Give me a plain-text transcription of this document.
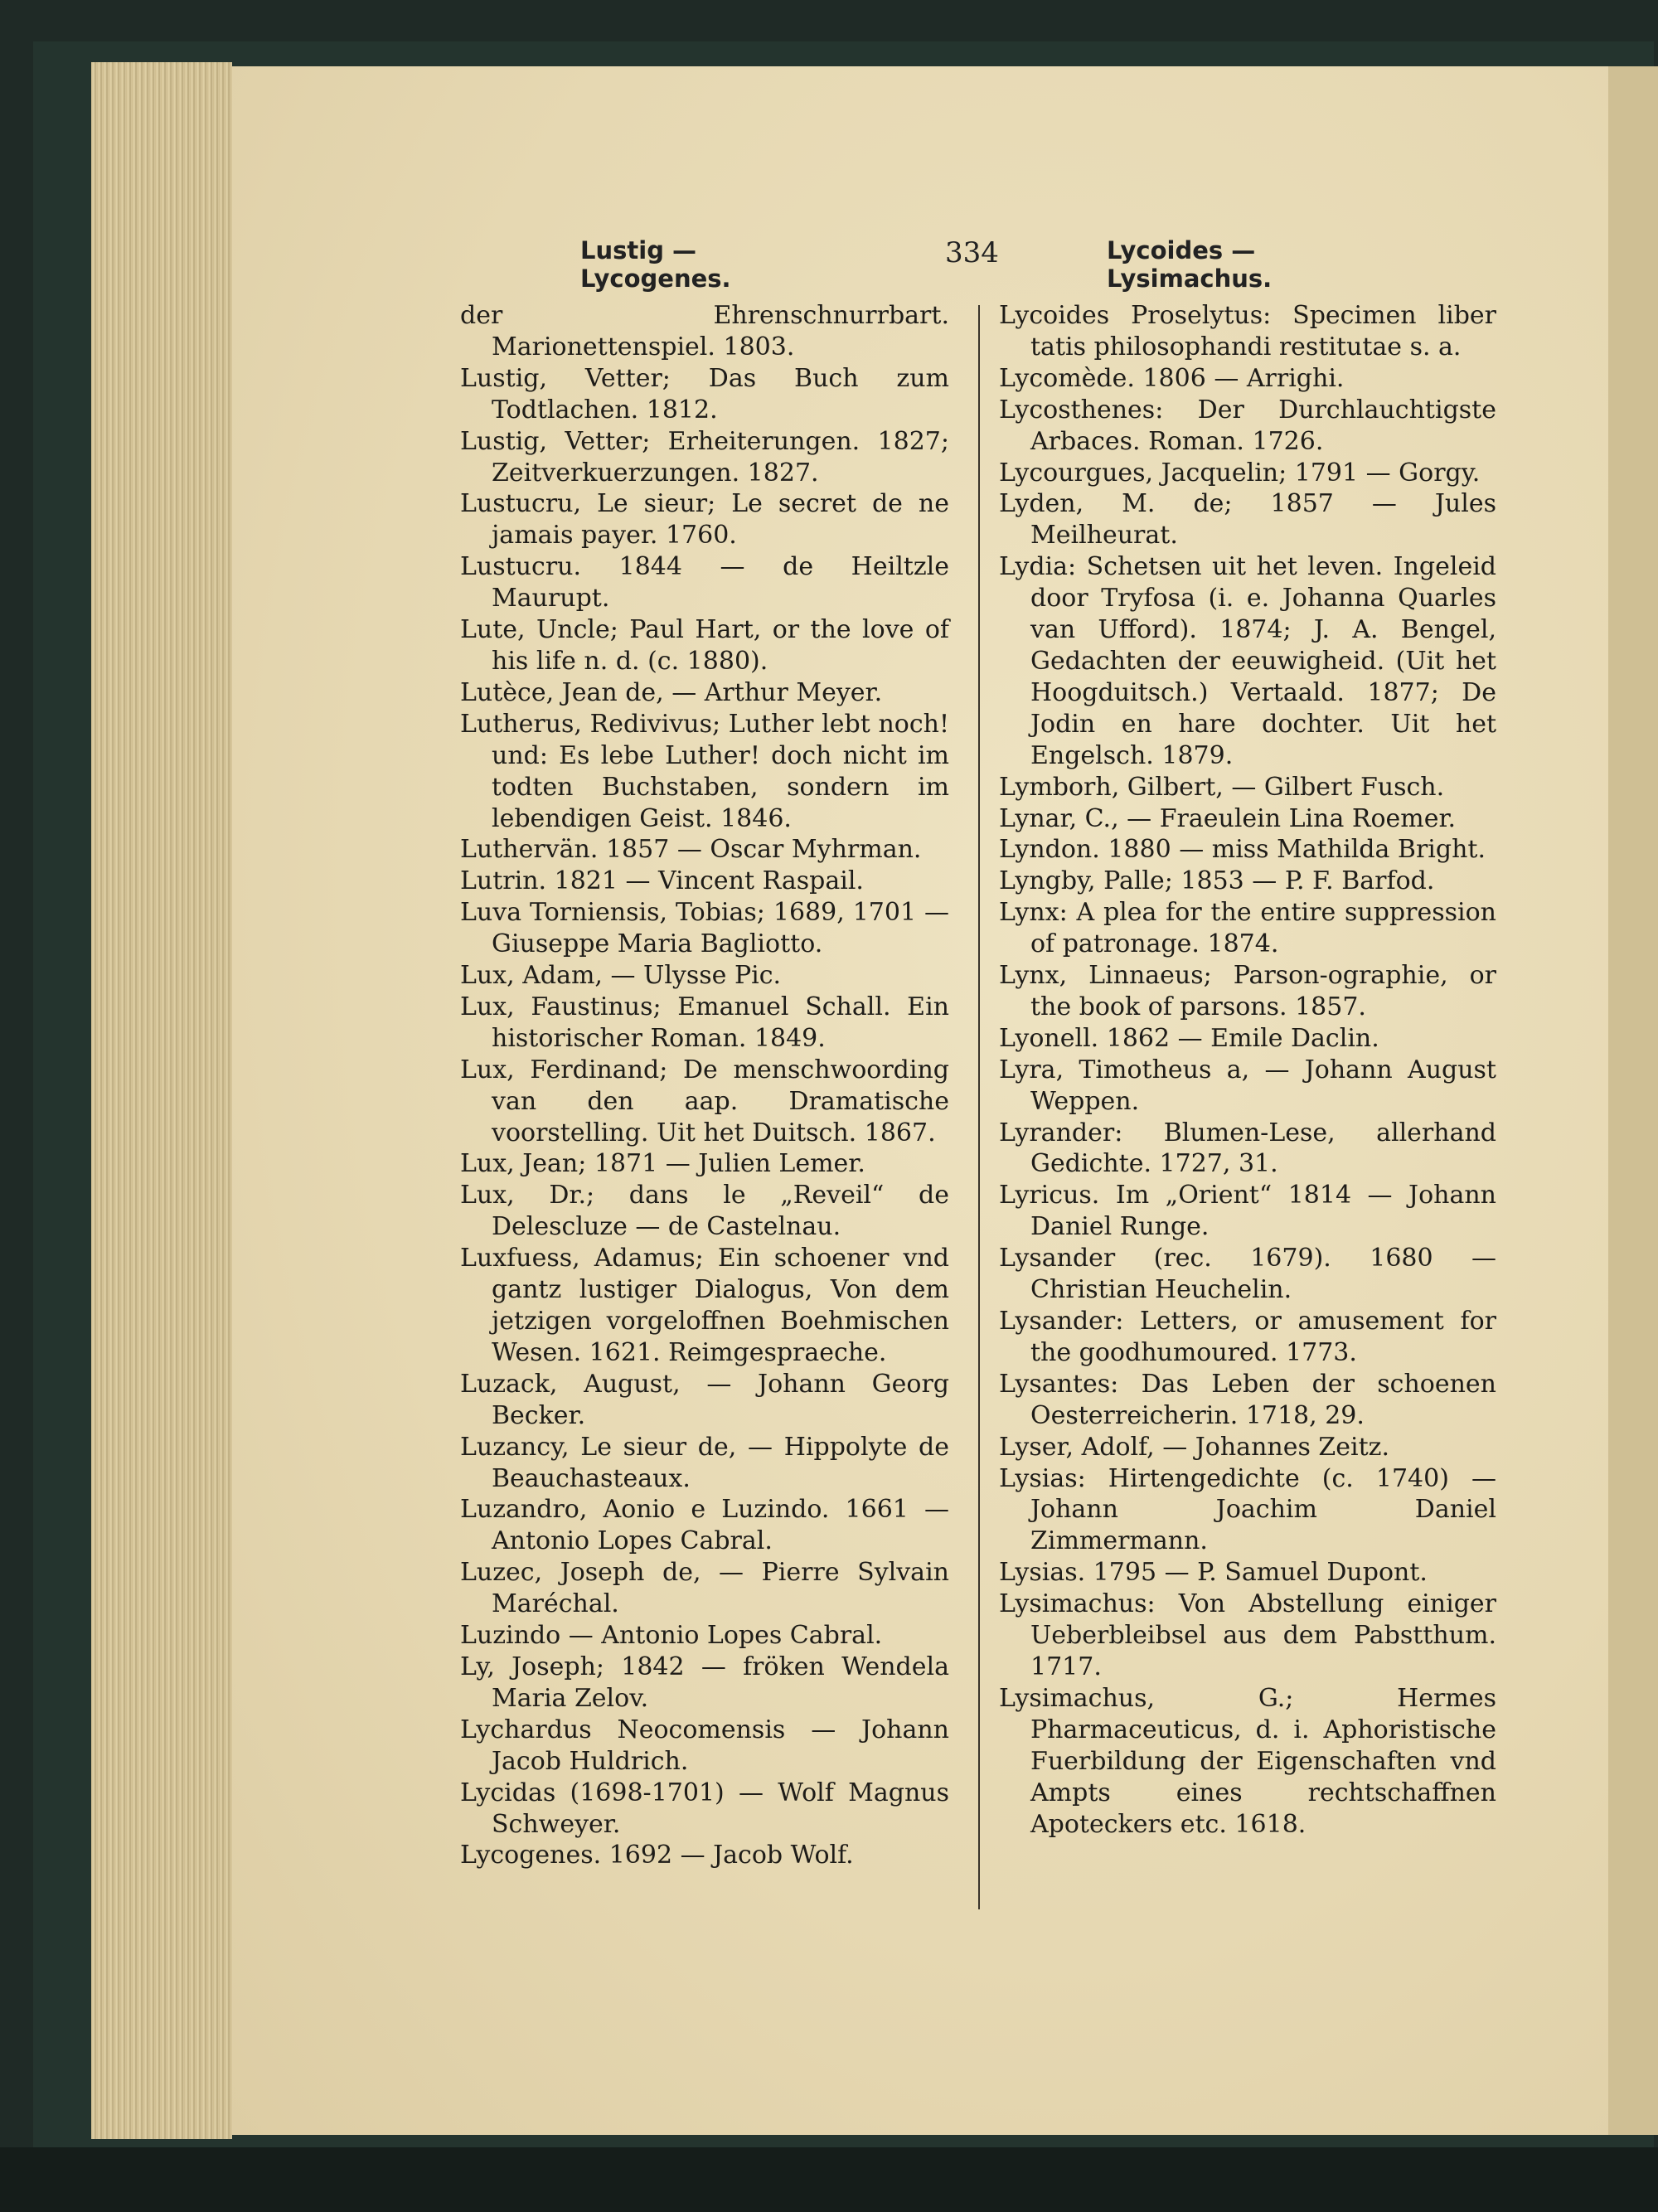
Lustig — Lycogenes.
334	Lycoides — Lysimachus.

der Ehrenschnurrbart. Marionettenspiel. 1803.

Lustig, Vetter; Das Buch zum Todtlachen. 1812.

Lustig, Vetter; Erheiterungen. 1827; Zeitverkuerzungen. 1827.

Lustucru, Le sieur; Le secret de ne jamais payer. 1760.

Lustucru. 1844 — de Heiltzle Maurupt.

Lute, Uncle; Paul Hart, or the love of his life n. d. (c. 1880).

Lutèce, Jean de, — Arthur Meyer.

Lutherus, Redivivus; Luther lebt noch! und: Es lebe Luther! doch nicht im todten Buchstaben, sondern im lebendigen Geist. 1846.

Luthervän. 1857 — Oscar Myhrman.

Lutrin. 1821 — Vincent Raspail.

Luva Torniensis, Tobias; 1689, 1701 — Giuseppe Maria Bagliotto.

Lux, Adam, — Ulysse Pic.

Lux, Faustinus; Emanuel Schall. Ein historischer Roman. 1849.

Lux, Ferdinand; De menschwoording van den aap. Dramatische voorstelling. Uit het Duitsch. 1867.

Lux, Jean; 1871 — Julien Lemer.

Lux, Dr.; dans le „Reveil“ de Delescluze — de Castelnau.

Luxfuess, Adamus; Ein schoener vnd gantz lustiger Dialogus, Von dem jetzigen vorgeloffnen Boehmischen Wesen. 1621. Reimgespraeche.

Luzack, August, — Johann Georg Becker.

Luzancy, Le sieur de, — Hippolyte de Beauchasteaux.

Luzandro, Aonio e Luzindo. 1661 — Antonio Lopes Cabral.

Luzec, Joseph de, — Pierre Sylvain Maréchal.

Luzindo — Antonio Lopes Cabral.

Ly, Joseph; 1842 — fröken Wendela Maria Zelov.

Lychardus Neocomensis — Johann Jacob Huldrich.

Lycidas (1698-1701) — Wolf Magnus Schweyer.

Lycogenes. 1692 — Jacob Wolf.

Lycoides Proselytus: Specimen liber tatis philosophandi restitutae s. a.

Lycomède. 1806 — Arrighi.

Lycosthenes: Der Durchlauchtigste Arbaces. Roman. 1726.

Lycourgues, Jacquelin; 1791 — Gorgy.

Lyden, M. de; 1857 — Jules Meilheurat.

Lydia: Schetsen uit het leven. Ingeleid door Tryfosa (i. e. Johanna Quarles van Ufford). 1874; J. A. Bengel, Gedachten der eeuwigheid. (Uit het Hoogduitsch.) Vertaald. 1877; De Jodin en hare dochter. Uit het Engelsch. 1879.

Lymborh, Gilbert, — Gilbert Fusch.

Lynar, C., — Fraeulein Lina Roemer.

Lyndon. 1880 — miss Mathilda Bright.

Lyngby, Palle; 1853 — P. F. Barfod.

Lynx: A plea for the entire suppression of patronage. 1874.

Lynx, Linnaeus; Parson-ographie, or the book of parsons. 1857.

Lyonell. 1862 — Emile Daclin.

Lyra, Timotheus a, — Johann August Weppen.

Lyrander: Blumen-Lese, allerhand Gedichte. 1727, 31.

Lyricus. Im „Orient“ 1814 — Johann Daniel Runge.

Lysander (rec. 1679). 1680 — Christian Heuchelin.

Lysander: Letters, or amusement for the goodhumoured. 1773.

Lysantes: Das Leben der schoenen Oesterreicherin. 1718, 29.

Lyser, Adolf, — Johannes Zeitz.

Lysias: Hirtengedichte (c. 1740) — Johann Joachim Daniel Zimmermann.

Lysias. 1795 — P. Samuel Dupont.

Lysimachus: Von Abstellung einiger Ueberbleibsel aus dem Pabstthum. 1717.

Lysimachus, G.; Hermes Pharmaceuticus, d. i. Aphoristische Fuerbildung der Eigenschaften vnd Ampts eines rechtschaffnen Apoteckers etc. 1618.
